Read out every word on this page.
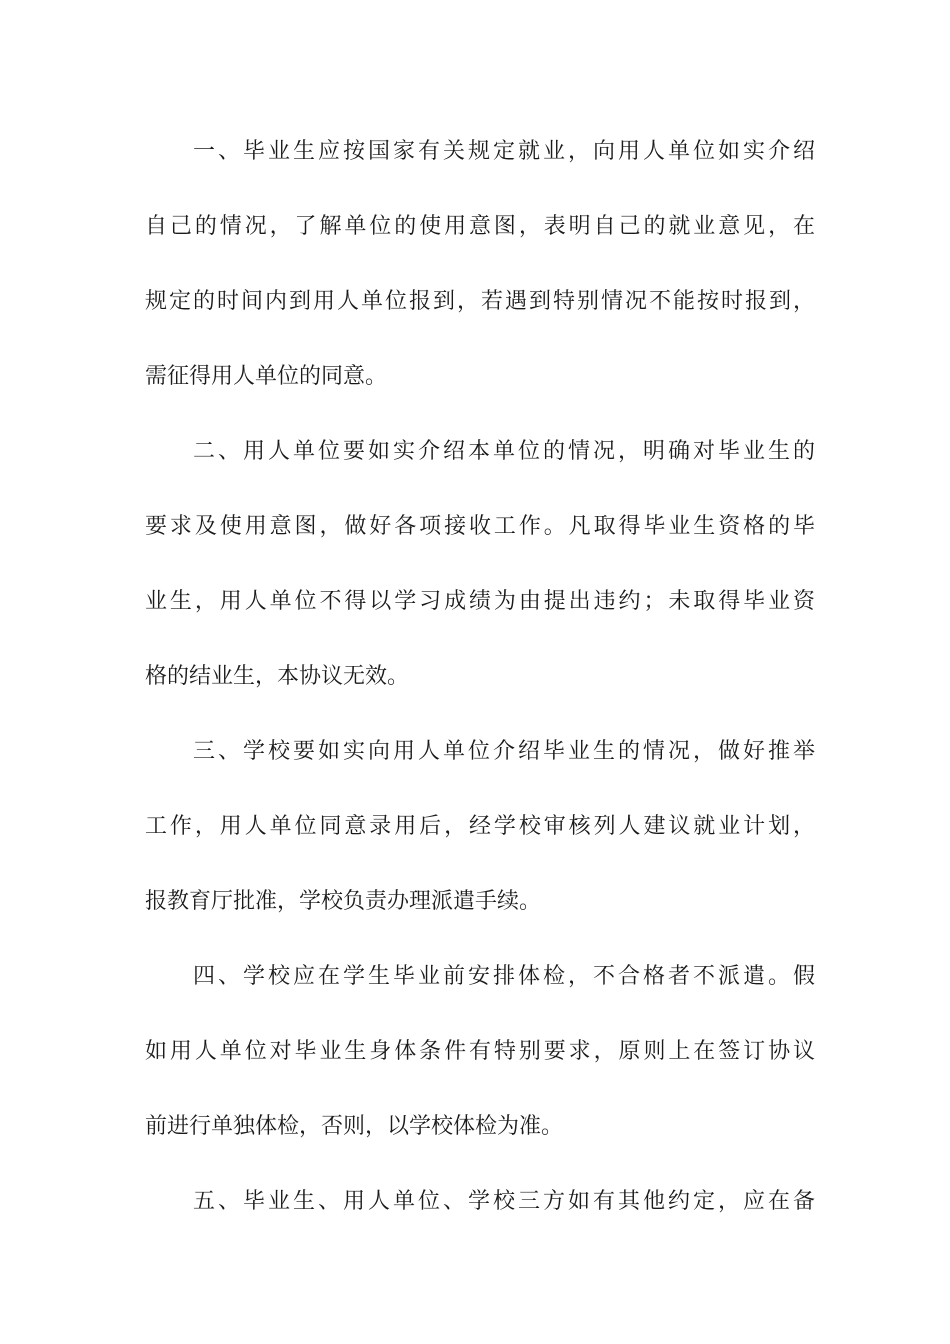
一、毕业生应按国家有关规定就业，向用人单位如实介绍
自己的情况，了解单位的使用意图，表明自己的就业意见，在
规定的时间内到用人单位报到，若遇到特别情况不能按时报到，
需征得用人单位的同意。
二、用人单位要如实介绍本单位的情况，明确对毕业生的
要求及使用意图，做好各项接收工作。凡取得毕业生资格的毕
业生，用人单位不得以学习成绩为由提出违约；未取得毕业资
格的结业生，本协议无效。
三、学校要如实向用人单位介绍毕业生的情况，做好推举
工作，用人单位同意录用后，经学校审核列人建议就业计划，
报教育厅批准，学校负责办理派遣手续。
四、学校应在学生毕业前安排体检，不合格者不派遣。假
如用人单位对毕业生身体条件有特别要求，原则上在签订协议
前进行单独体检，否则，以学校体检为准。
五、毕业生、用人单位、学校三方如有其他约定，应在备
